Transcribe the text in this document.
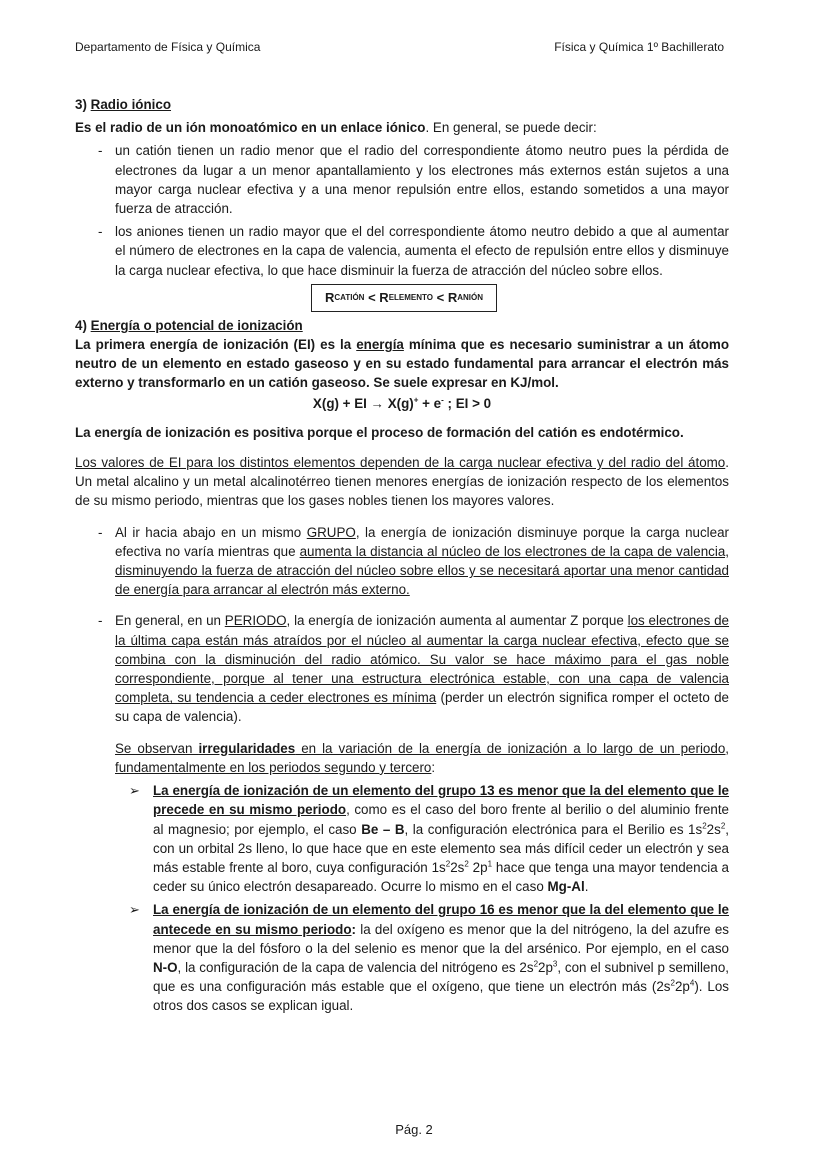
Departamento de Física y Química	Física y Química 1º Bachillerato

3) Radio iónico

Es el radio de un ión monoatómico en un enlace iónico. En general, se puede decir:

- un catión tienen un radio menor que el radio del correspondiente átomo neutro pues la pérdida de electrones da lugar a un menor apantallamiento y los electrones más externos están sujetos a una mayor carga nuclear efectiva y a una menor repulsión entre ellos, estando sometidos a una mayor fuerza de atracción.
- los aniones tienen un radio mayor que el del correspondiente átomo neutro debido a que al aumentar el número de electrones en la capa de valencia, aumenta el efecto de repulsión entre ellos y disminuye la carga nuclear efectiva, lo que hace disminuir la fuerza de atracción del núcleo sobre ellos.
R CATIÓN
<
R ELEMENTO
<
R ANIÓN

4) Energía o potencial de ionización

La primera energía de ionización (EI) es la energía mínima que es necesario suministrar a un átomo neutro de un elemento en estado gaseoso y en su estado fundamental para arrancar el electrón más externo y transformarlo en un catión gaseoso. Se suele expresar en KJ/mol.

X(g) + EI → X(g)+ + e- ; EI > 0

La energía de ionización es positiva porque el proceso de formación del catión es endotérmico.

Los valores de EI para los distintos elementos dependen de la carga nuclear efectiva y del radio del átomo. Un metal alcalino y un metal alcalinotérreo tienen menores energías de ionización respecto de los elementos de su mismo periodo, mientras que los gases nobles tienen los mayores valores.

- Al ir hacia abajo en un mismo GRUPO, la energía de ionización disminuye porque la carga nuclear efectiva no varía mientras que aumenta la distancia al núcleo de los electrones de la capa de valencia, disminuyendo la fuerza de atracción del núcleo sobre ellos y se necesitará aportar una menor cantidad de energía para arrancar al electrón más externo.
- En general, en un PERIODO, la energía de ionización aumenta al aumentar Z porque los electrones de la última capa están más atraídos por el núcleo al aumentar la carga nuclear efectiva, efecto que se combina con la disminución del radio atómico. Su valor se hace máximo para el gas noble correspondiente, porque al tener una estructura electrónica estable, con una capa de valencia completa, su tendencia a ceder electrones es mínima (perder un electrón significa romper el octeto de su capa de valencia).

Se observan irregularidades en la variación de la energía de ionización a lo largo de un periodo, fundamentalmente en los periodos segundo y tercero:

➢ La energía de ionización de un elemento del grupo 13 es menor que la del elemento que le precede en su mismo periodo, como es el caso del boro frente al berilio o del aluminio frente al magnesio; por ejemplo, el caso Be – B, la configuración electrónica para el Berilio es $1s^22s^2$, con un orbital 2s lleno, lo que hace que en este elemento sea más difícil ceder un electrón y sea más estable frente al boro, cuya configuración $1s^22s^2$ $2p^1$ hace que tenga una mayor tendencia a ceder su único electrón desapareado. Ocurre lo mismo en el caso Mg-Al.
➢ La energía de ionización de un elemento del grupo 16 es menor que la del elemento que le antecede en su mismo periodo: la del oxígeno es menor que la del nitrógeno, la del azufre es menor que la del fósforo o la del selenio es menor que la del arsénico. Por ejemplo, en el caso N-O, la configuración de la capa de valencia del nitrógeno es $2s^22p^3$, con el subnivel p semilleno, que es una configuración más estable que el oxígeno, que tiene un electrón más $(2s^22p^4)$. Los otros dos casos se explican igual.
Pág. 2
